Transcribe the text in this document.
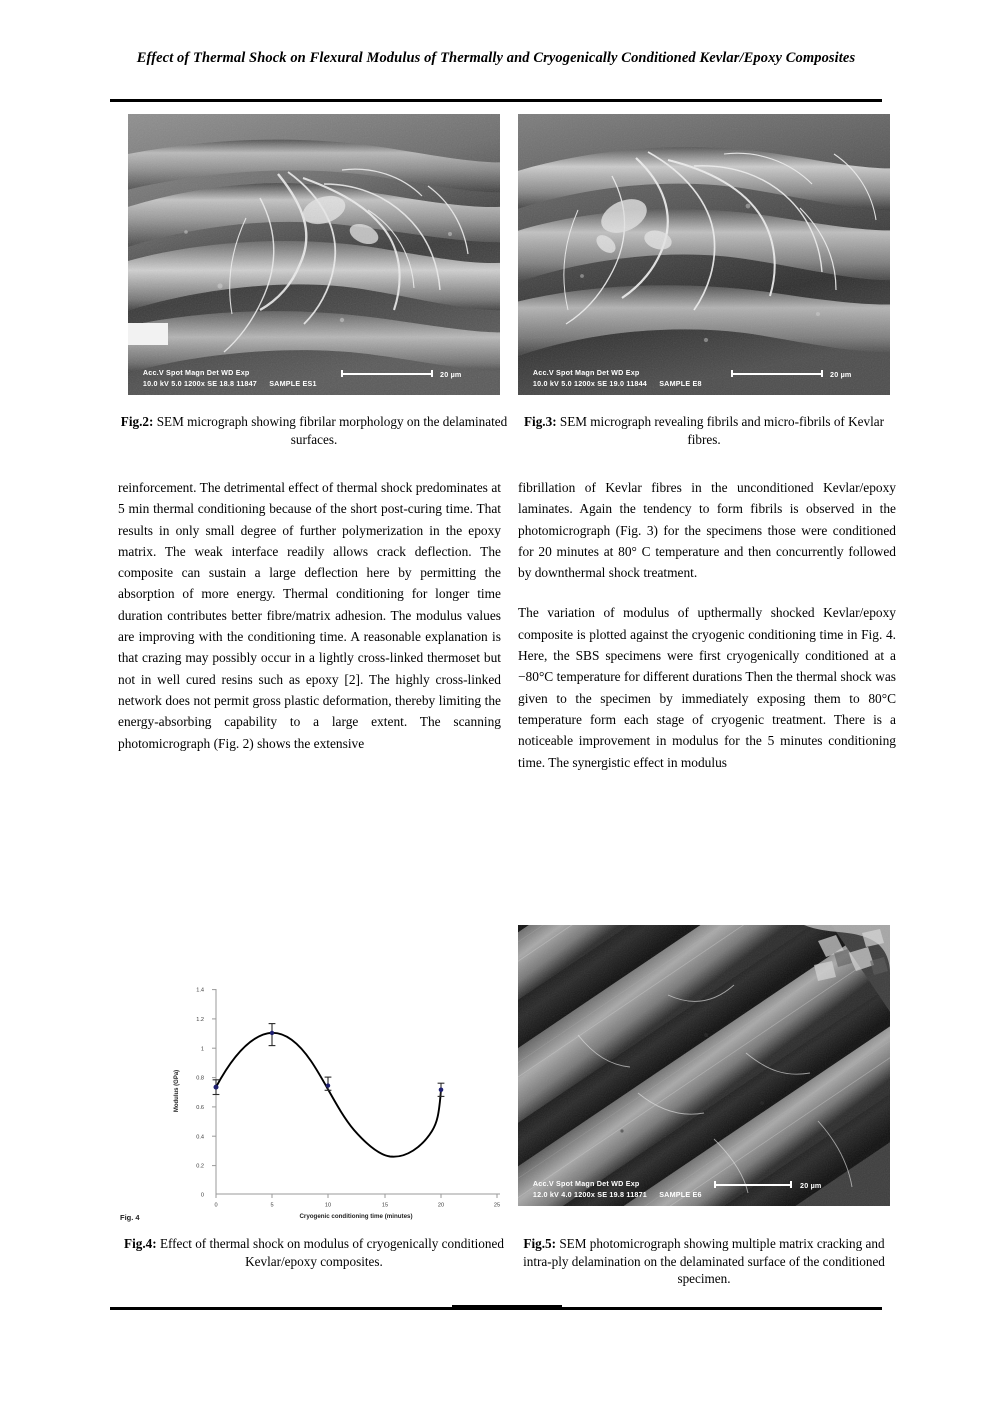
Effect of Thermal Shock on Flexural Modulus of Thermally and Cryogenically Conditioned Kevlar/Epoxy Composites
Acc.V Spot Magn Det WD Exp
10.0 kV 5.0 1200x SE 18.8 11847 SAMPLE ES1
20 µm	Acc.V Spot Magn Det WD Exp
10.0 kV 5.0 1200x SE 19.0 11844 SAMPLE E8
20 µm
Fig.2: SEM micrograph showing fibrilar morphology on the delaminated surfaces.
Fig.3: SEM micrograph revealing fibrils and micro-fibrils of Kevlar fibres.

reinforcement. The detrimental effect of thermal shock predominates at 5 min thermal conditioning because of the short post-curing time. That results in only small degree of further polymerization in the epoxy matrix. The weak interface readily allows crack deflection. The composite can sustain a large deflection here by permitting the absorption of more energy. Thermal conditioning for longer time duration contributes better fibre/matrix adhesion. The modulus values are improving with the conditioning time. A reasonable explanation is that crazing may possibly occur in a lightly cross-linked thermoset but not in well cured resins such as epoxy [2]. The highly cross-linked network does not permit gross plastic deformation, thereby limiting the energy-absorbing capability to a large extent. The scanning photomicrograph (Fig. 2) shows the extensive

fibrillation of Kevlar fibres in the unconditioned Kevlar/epoxy laminates. Again the tendency to form fibrils is observed in the photomicrograph (Fig. 3) for the specimens those were conditioned for 20 minutes at 80° C temperature and then concurrently followed by downthermal shock treatment.

The variation of modulus of upthermally shocked Kevlar/epoxy composite is plotted against the cryogenic conditioning time in Fig. 4. Here, the SBS specimens were first cryogenically conditioned at a −80°C temperature for different durations Then the thermal shock was given to the specimen by immediately exposing them to 80°C temperature form each stage of cryogenic treatment. There is a noticeable improvement in modulus for the 5 minutes conditioning time. The synergistic effect in modulus

1.4
1.2
1
0.8
0.6
0.4
0.2
0
0	5	10	15	20	25
Modulus (GPa)
Cryogenic conditioning time (minutes)
Fig. 4
Acc.V Spot Magn Det WD Exp
12.0 kV 4.0 1200x SE 19.8 11871 SAMPLE E6
20 µm
Fig.4: Effect of thermal shock on modulus of cryogenically conditioned Kevlar/epoxy composites.
Fig.5: SEM photomicrograph showing multiple matrix cracking and intra-ply delamination on the delaminated surface of the conditioned specimen.
